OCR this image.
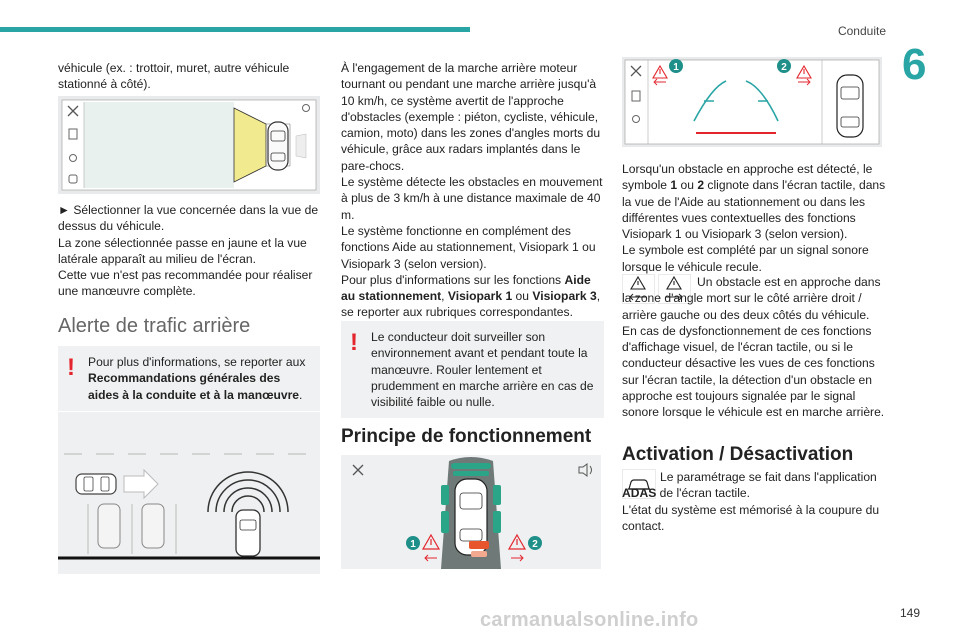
Conduite
6

véhicule (ex. : trottoir, muret, autre véhicule stationné à côté).

► Sélectionner la vue concernée dans la vue de dessus du véhicule.

La zone sélectionnée passe en jaune et la vue latérale apparaît au milieu de l'écran.

Cette vue n'est pas recommandée pour réaliser une manœuvre complète.

Alerte de trafic arrière
!	Pour plus d'informations, se reporter aux Recommandations générales des aides à la conduite et à la manœuvre.

À l'engagement de la marche arrière moteur tournant ou pendant une marche arrière jusqu'à 10 km/h, ce système avertit de l'approche d'obstacles (exemple : piéton, cycliste, véhicule, camion, moto) dans les zones d'angles morts du véhicule, grâce aux radars implantés dans le pare-chocs.

Le système détecte les obstacles en mouvement à plus de 3 km/h à une distance maximale de 40 m.

Le système fonctionne en complément des fonctions Aide au stationnement, Visiopark 1 ou Visiopark 3 (selon version).

Pour plus d'informations sur les fonctions Aide au stationnement, Visiopark 1 ou Visiopark 3, se reporter aux rubriques correspondantes.

!	Le conducteur doit surveiller son environnement avant et pendant toute la manœuvre. Rouler lentement et prudemment en marche arrière en cas de visibilité faible ou nulle.
Principe de fonctionnement
1	2
1	2

Lorsqu'un obstacle en approche est détecté, le symbole 1 ou 2 clignote dans l'écran tactile, dans la vue de l'Aide au stationnement ou dans les différentes vues contextuelles des fonctions Visiopark 1 ou Visiopark 3 (selon version).

Le symbole est complété par un signal sonore lorsque le véhicule recule.

Un obstacle est en approche dans la zone d'angle mort sur le côté arrière droit / arrière gauche ou des deux côtés du véhicule.

En cas de dysfonctionnement de ces fonctions d'affichage visuel, de l'écran tactile, ou si le conducteur désactive les vues de ces fonctions sur l'écran tactile, la détection d'un obstacle en approche est toujours signalée par le signal sonore lorsque le véhicule est en marche arrière.

Activation / Désactivation

Le paramétrage se fait dans l'application ADAS de l'écran tactile.

L'état du système est mémorisé à la coupure du contact.

149
carmanualsonline.info
